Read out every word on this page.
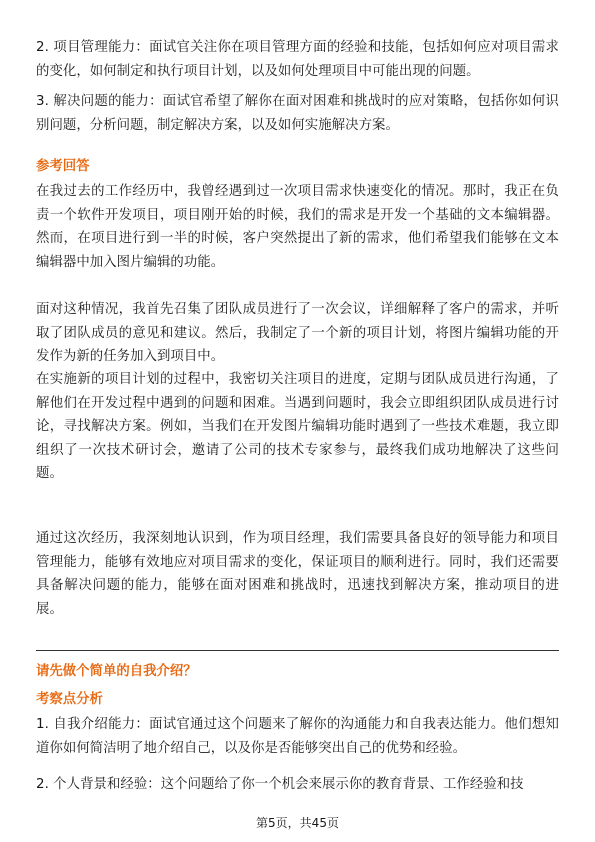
2. 项目管理能力：面试官关注你在项目管理方面的经验和技能，包括如何应对项目需求的变化，如何制定和执行项目计划，以及如何处理项目中可能出现的问题。

3. 解决问题的能力：面试官希望了解你在面对困难和挑战时的应对策略，包括你如何识别问题，分析问题，制定解决方案，以及如何实施解决方案。

参考回答

在我过去的工作经历中，我曾经遇到过一次项目需求快速变化的情况。那时，我正在负责一个软件开发项目，项目刚开始的时候，我们的需求是开发一个基础的文本编辑器。然而，在项目进行到一半的时候，客户突然提出了新的需求，他们希望我们能够在文本编辑器中加入图片编辑的功能。

面对这种情况，我首先召集了团队成员进行了一次会议，详细解释了客户的需求，并听取了团队成员的意见和建议。然后，我制定了一个新的项目计划，将图片编辑功能的开发作为新的任务加入到项目中。

在实施新的项目计划的过程中，我密切关注项目的进度，定期与团队成员进行沟通，了解他们在开发过程中遇到的问题和困难。当遇到问题时，我会立即组织团队成员进行讨论，寻找解决方案。例如，当我们在开发图片编辑功能时遇到了一些技术难题，我立即组织了一次技术研讨会，邀请了公司的技术专家参与，最终我们成功地解决了这些问题。

通过这次经历，我深刻地认识到，作为项目经理，我们需要具备良好的领导能力和项目管理能力，能够有效地应对项目需求的变化，保证项目的顺利进行。同时，我们还需要具备解决问题的能力，能够在面对困难和挑战时，迅速找到解决方案，推动项目的进展。

请先做个简单的自我介绍？

考察点分析

1. 自我介绍能力：面试官通过这个问题来了解你的沟通能力和自我表达能力。他们想知道你如何简洁明了地介绍自己，以及你是否能够突出自己的优势和经验。

2. 个人背景和经验：这个问题给了你一个机会来展示你的教育背景、工作经验和技

第5页，共45页
